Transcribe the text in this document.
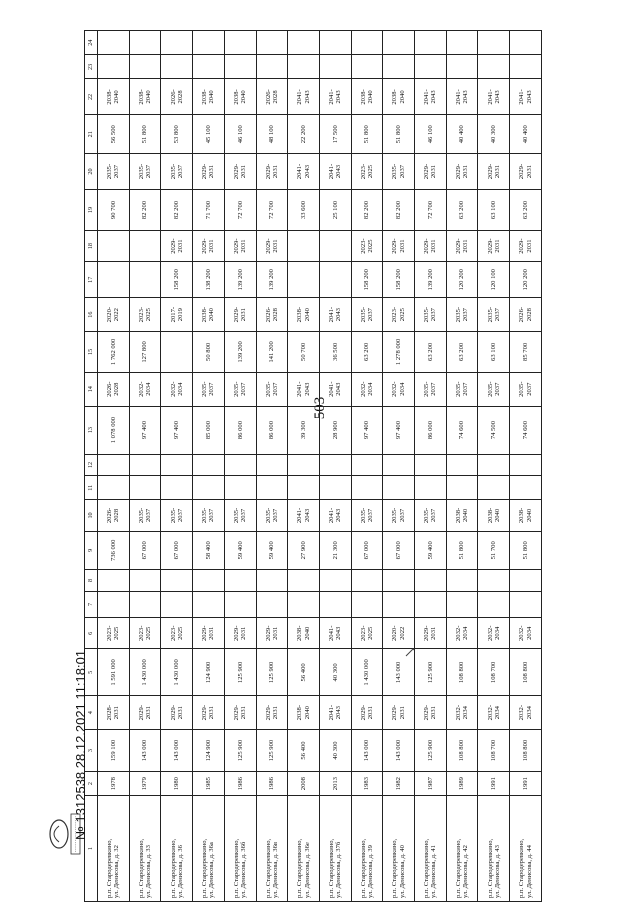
503
1	2	3	4	5	6	7	8	9	10	11	12	13	14	15	16	17	18	19	20	21	22	23	24
р.п. Стародеревкино,
ул. Денисова, д. 32	1978	159 100	2028-
2031	1 591 000	2023-
2025			736 000	2026-
2028			1 078 000	2026-
2028	1 762 000	2020-
2022			90 700	2035-
2037	56 500	2038-
2040		
р.п. Стародеревкино,
ул. Денисова, д. 33	1979	143 000	2029-
2031	1 430 000	2023-
2025			67 000	2035-
2037			97 400	2032-
2034	127 800	2023-
2025			82 200	2035-
2037	51 800	2038-
2040		
р.п. Стародеревкино,
ул. Денисова, д. 36	1980	143 000	2029-
2031	1 430 000	2023-
2025			67 000	2035-
2037			97 400	2032-
2034		2017-
2019	158 200	2029-
2031	82 200	2035-
2037	53 800	2026-
2028		
р.п. Стародеревкино,
ул. Денисова, д. 36а	1985	124 900	2029-
2031	124 900	2029-
2031			58 400	2035-
2037			85 000	2035-
2037	50 800	2038-
2040	138 200	2029-
2031	71 700	2029-
2031	45 100	2038-
2040		
р.п. Стародеревкино,
ул. Денисова, д. 36б	1986	125 900	2029-
2031	125 900	2029-
2031			59 400	2035-
2037			86 000	2035-
2037	139 200	2029-
2031	139 200	2029-
2031	72 700	2029-
2031	46 100	2038-
2040		
р.п. Стародеревкино,
ул. Денисова, д. 36в	1986	125 900	2029-
2031	125 900	2029-
2031			59 400	2035-
2037			86 000	2035-
2037	141 200	2026-
2028	139 200	2029-
2031	72 700	2029-
2031	48 100	2026-
2028		
р.п. Стародеревкино,
ул. Денисова, д. 36е	2008	56 400	2038-
2040	56 400	2038-
2040			27 900	2041-
2043			39 300	2041-
2043	50 700	2038-
2040			33 600	2041-
2043	22 200	2041-
2043		
р.п. Стародеревкино,
ул. Денисова, д. 37б	2013	40 300	2041-
2043	40 300	2041-
2043			21 300	2041-
2043			28 900	2041-
2043	36 500	2041-
2043			25 100	2041-
2043	17 500	2041-
2043		
р.п. Стародеревкино,
ул. Денисова, д. 39	1983	143 000	2029-
2031	1 430 000	2023-
2025			67 000	2035-
2037			97 400	2032-
2034	63 200	2035-
2037	158 200	2023-
2025	82 200	2023-
2025	51 800	2038-
2040		
р.п. Стародеревкино,
ул. Денисова, д. 40	1982	143 000	2029-
2031	143 000	2020-
2022			67 000	2035-
2037			97 400	2032-
2034	1 278 000	2023-
2025	158 200	2029-
2031	82 200	2035-
2037	51 800	2038-
2040		
р.п. Стародеревкино,
ул. Денисова, д. 41	1987	125 900	2029-
2031	125 900	2029-
2031			59 400	2035-
2037			86 000	2035-
2037	63 200	2035-
2037	139 200	2029-
2031	72 700	2029-
2031	46 100	2041-
2043		
р.п. Стародеревкино,
ул. Денисова, д. 42	1989	108 800	2032-
2034	108 800	2032-
2034			51 800	2038-
2040			74 600	2035-
2037	63 200	2035-
2037	120 200	2029-
2031	63 200	2029-
2031	40 400	2041-
2043		
р.п. Стародеревкино,
ул. Денисова, д. 43	1991	108 700	2032-
2034	108 700	2032-
2034			51 700	2038-
2040			74 500	2035-
2037	63 100	2035-
2037	120 100	2029-
2031	63 100	2029-
2031	40 300	2041-
2043		
р.п. Стародеревкино,
ул. Денисова, д. 44	1991	108 800	2032-
2034	108 800	2032-
2034			51 800	2038-
2040			74 600	2035-
2037	85 700	2026-
2028	120 200	2029-
2031	63 200	2029-
2031	40 400	2041-
2043		
№ 1312538 28.12.2021 11:18:01
